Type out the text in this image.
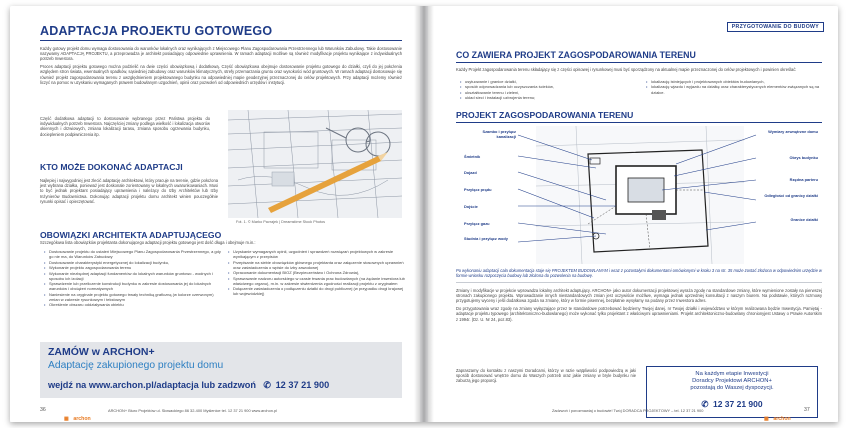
ADAPTACJA PROJEKTU GOTOWEGO

Każdy gotowy projekt domu wymaga dostosowania do warunków lokalnych oraz wynikających z Miejscowego Planu Zagospodarowania Przestrzennego lub Warunków Zabudowy. Takie dostosowanie nazywamy ADAPTACJĄ PROJEKTU, a przeprowadza je architekt posiadający odpowiednie uprawnienia. W ramach adaptacji możliwe są również modyfikacje projektu wynikające z indywidualnych potrzeb Inwestora.

Proces adaptacji projektu gotowego można podzielić na dwie części obowiązkową i dodatkową. Część obowiązkowa obejmuje dostosowanie projektu gotowego do działki, czyli do jej położenia względem stron świata, ewentualnych spadków, sąsiedniej zabudowy oraz warunków klimatycznych, strefy przemarzania gruntu oraz wysokości wód gruntowych. W ramach adaptacji dostosowuje się również projekt zagospodarowania terenu z uwzględnieniem projektowanego budynku na odpowiedniej mapie geodezyjnej przeznaczonej do celów projektowych. Przy adaptacji możemy również liczyć na pomoc w uzyskaniu wymaganych prawem budowlanym uzgodnień, opinii oraz pozwoleń od odpowiednich urzędów i instytucji.

Część dodatkowa adaptacji to dostosowanie wybranego przez Państwa projektu do indywidualnych potrzeb Inwestora. Najczęściej zmiany podlega wielkość i lokalizacja otworów okiennych i drzwiowych, zmiana lokalizacji tarasu, zmiana sposobu ogrzewania budynku, dociepleniem podpiwniczenia itp.
Fot. 1. © Marko Pavrajek | Dreamstime Stock Photos
KTO MOŻE DOKONAĆ ADAPTACJI
Najlepiej i najwygodniej jest zlecić adaptację architektowi, który pracuje na terenie, gdzie położona jest wybrana działka, ponieważ jest doskonale zorientowany w lokalnych uwarunkowaniach. Musi to być jednak projektant posiadający uprawnienia i należący do Izby Architektów lub Izby Inżynierów Budownictwa. Dokonując adaptacji projektu domu architekt winien pouczegółnie rysunki opisać i opieczętować.
OBOWIĄZKI ARCHITEKTA ADAPTUJĄCEGO
Szczegółowa lista obowiązków projektanta dokonującego adaptacji projektu gotowego jest dość długa i obejmuje m.in.:
• Dostosowanie projektu do ustaleń Miejscowego Planu Zagospodarowania Przestrzennego, a gdy go nie ma, do Warunków Zabudowy
• Dostosowanie charakterystyki energetycznej do lokalizacji budynku,
• Wykonanie projektu zagospodarowania terenu
• Wykonanie niezbędnej adaptacji fundamentów do lokalnych warunków gruntowo - wodnych i sposobu ich izolacji
• Sprawdzenie lub przeliczenie konstrukcji budynku w zakresie dostosowania jej do lokalnych warunków i obciążeń normatywnych
• Naniesienie na oryginale projektu gotowego trwały techniką graficzną (w kolorze czerwonym) zmian w zakresie rysunkowym i tekstowym
• Określenie obszaru oddziaływania obiektu
• Uzyskanie wymaganych opinii, uzgodnień i sprawdzeń rozwiązań projektowych w zakresie wynikającym z przepisów
• Przepisanie na siebie obowiązków głównego projektanta oraz załączenie stosownych uprawnień oraz zaświadczenia o wpisie do izby zawodowej
• Opracowanie dokumentacji BIOZ (Bezpieczeństwo i Ochrona Zdrowia),
• Sprawowanie nadzoru autorskiego w czasie trwania prac budowlanych (na żądanie inwestora lub właściwego organu), m.in. w zakresie stwierdzenia zgodności realizacji projektu z oryginałem
• Dołączenie zaświadczenia o podłączeniu działki do drogi publicznej (w przypadku drogi krajowej lub wojewódzkiej)
ZAMÓW w ARCHON+
Adaptację zakupionego projektu domu
wejdź na www.archon.pl/adaptacja lub zadzwoń ✆ 12 37 21 900
36
▦ archon
ARCHON+ Biuro Projektów ul. Słowackiego 86 32-400 Myślenice tel. 12 37 21 900 www.archon.pl
PRZYGOTOWANIE DO BUDOWY
CO ZAWIERA PROJEKT ZAGOSPODAROWANIA TERENU
Każdy Projekt zagospodarowania terenu składający się z części opisowej i rysunkowej musi być sporządzony na aktualnej mapie przeznaczonej do celów projektowych i powinien określać:
• usytuowanie i granice działki,
• sposób odprowadzania lub oczyszczania ścieków,
• ukształtowanie terenu i zieleni,
• układ sieci i instalacji uzbrojenia terenu;
• lokalizację istniejących i projektowanych obiektów budowlanych,
• lokalizację wjazdu i wyjazdu na działkę oraz charakterystycznych elementów związanych są na działce.
PROJEKT ZAGOSPODAROWANIA TERENU
Szambo i przyłącz kanalizacji
Śmietnik
Dojazd
Przyłącz prądu
Dojście
Przyłącz gazu
Studnia i przyłącz wody
Wymiary zewnętrzne domu
Obrys budynku
Rzędna parteru
Odległości od granicy działki
Granice działki
Po wykonaniu adaptacji cała dokumentacja staje się PROJEKTEM BUDOWLANYM i wraz z pozostałymi dokumentami omówionymi w kroku 3 na str. 35 może zostać złożona w odpowiednim urzędzie w formie wniosku rozpoczęcia budowy lub złożona do pozwolenia na budowę.

Zmiany i modyfikacje w projekcie wprowadza lokalny architekt adaptujący. ARCHON+ jako autor dokumentacji projektowej wyraża zgodę na standardowe zmiany, które wymienione zostały na pierwszej stronach zakupionego projektu. Wprowadzanie innych niestandardowych zmian jest oczywiście możliwe, wymaga jednak uprzedniej konsultacji z naszym biurem. Na podstawie, których rozmowy przygotujemy wyceny i jeśli dodatkowa zgoda na zmianę, który w formie pisemnej, bezpłatnie wysyłamy na podany przez Inwestora adres.

Do przygotowania wraz zgodę na zmiany wyłączające przez te standardowe potrzebować będziemy Twojej danej. nr Twojej działki i województwo w którym realizowana będzie Inwestycja. Pamiętaj - adaptacje projektu typowego (architektoniczno-budowlanego) może wykonać tylko projektant z właściwymi uprawnieniami. Projekt architektoniczno-budowlany chronionyjest Ustawy o Prawie Autorskim z 1994r. (Dz. U. Nr 24, poz.83).

Zapraszamy do kontaktu z naszymi Doradcami, którzy w razie wątpliwości podpowiedzą w jaki sposób dostosować wnętrze domu do Waszych potrzeb oraz jakie zmiany w bryle budynku nie zaburzą jego proporcji.
Na każdym etapie Inwestycji
Doradcy Projektowi ARCHON+
pozostają do Waszej dyspozycji.
✆ 12 37 21 900
Zadzwoń i porozmawiaj o budowie! Twój DORADCA PROJEKTOWY – tel. 12 37 21 900
▦ archon
37
